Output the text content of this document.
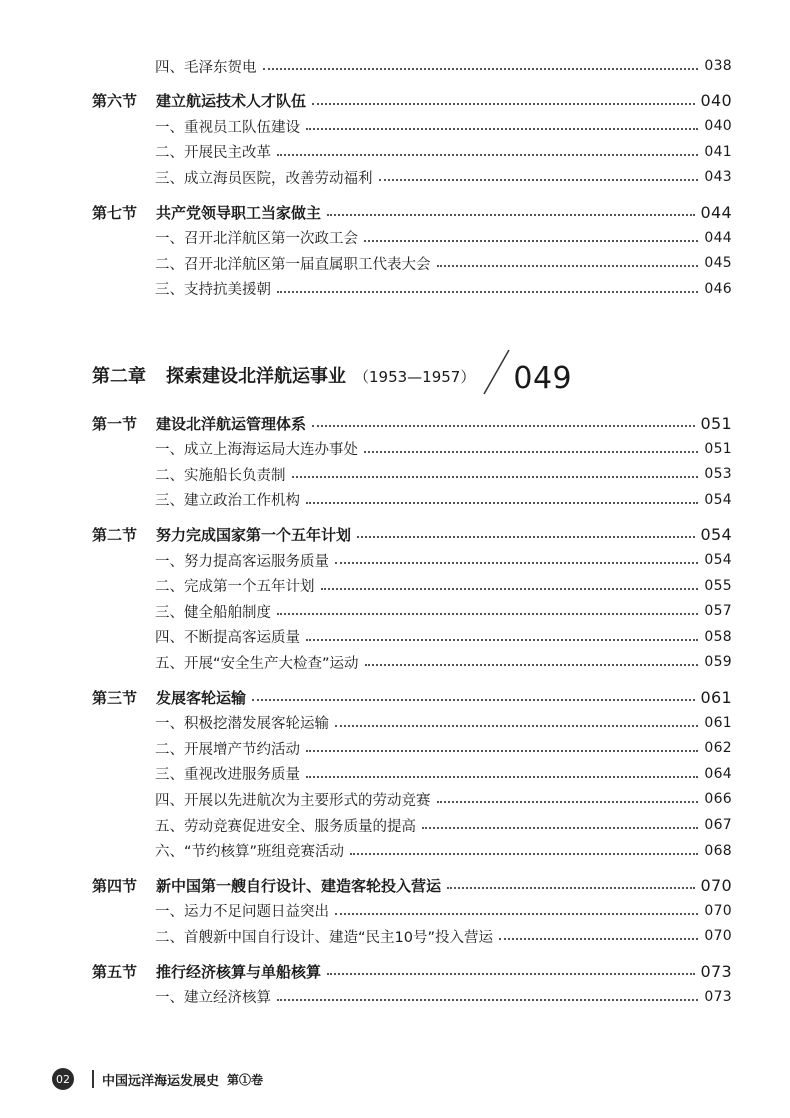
四、毛泽东贺电	038
第六节	建立航运技术人才队伍	040
一、重视员工队伍建设	040
二、开展民主改革	041
三、成立海员医院，改善劳动福利	043
第七节	共产党领导职工当家做主	044
一、召开北洋航区第一次政工会	044
二、召开北洋航区第一届直属职工代表大会	045
三、支持抗美援朝	046
第二章 探索建设北洋航运事业 （1953—1957） 049
第一节	建设北洋航运管理体系	051
一、成立上海海运局大连办事处	051
二、实施船长负责制	053
三、建立政治工作机构	054
第二节	努力完成国家第一个五年计划	054
一、努力提高客运服务质量	054
二、完成第一个五年计划	055
三、健全船舶制度	057
四、不断提高客运质量	058
五、开展“安全生产大检查”运动	059
第三节	发展客轮运输	061
一、积极挖潜发展客轮运输	061
二、开展增产节约活动	062
三、重视改进服务质量	064
四、开展以先进航次为主要形式的劳动竞赛	066
五、劳动竞赛促进安全、服务质量的提高	067
六、“节约核算”班组竞赛活动	068
第四节	新中国第一艘自行设计、建造客轮投入营运	070
一、运力不足问题日益突出	070
二、首艘新中国自行设计、建造“民主10号”投入营运	070
第五节	推行经济核算与单船核算	073
一、建立经济核算	073
02	中国远洋海运发展史 第①卷
